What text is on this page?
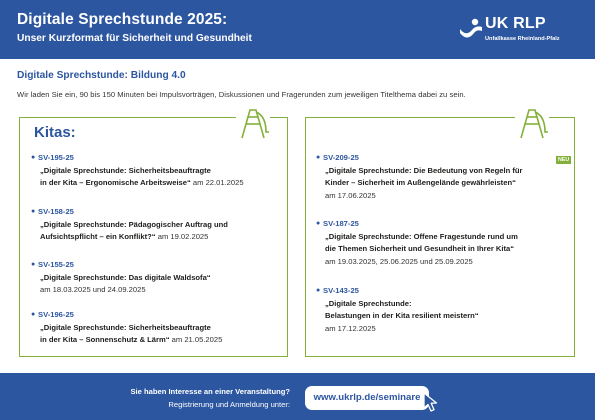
Digitale Sprechstunde 2025:
Unser Kurzformat für Sicherheit und Gesundheit
UK RLP
Unfallkasse Rheinland-Pfalz
Digitale Sprechstunde: Bildung 4.0
Wir laden Sie ein, 90 bis 150 Minuten bei Impulsvorträgen, Diskussionen und Fragerunden zum jeweiligen Titelthema dabei zu sein.
Kitas:
● SV-195-25
„Digitale Sprechstunde: Sicherheitsbeauftragte
in der Kita – Ergonomische Arbeitsweise“ am 22.01.2025
● SV-158-25
„Digitale Sprechstunde: Pädagogischer Auftrag und
Aufsichtspflicht – ein Konflikt?“ am 19.02.2025
● SV-155-25
„Digitale Sprechstunde: Das digitale Waldsofa“
am 18.03.2025 und 24.09.2025
● SV-196-25
„Digitale Sprechstunde: Sicherheitsbeauftragte
in der Kita – Sonnenschutz & Lärm“ am 21.05.2025
NEU
● SV-209-25
„Digitale Sprechstunde: Die Bedeutung von Regeln für
Kinder – Sicherheit im Außengelände gewährleisten“
am 17.06.2025
● SV-187-25
„Digitale Sprechstunde: Offene Fragestunde rund um
die Themen Sicherheit und Gesundheit in Ihrer Kita“
am 19.03.2025, 25.06.2025 und 25.09.2025
● SV-143-25
„Digitale Sprechstunde:
Belastungen in der Kita resilient meistern“
am 17.12.2025
Sie haben Interesse an einer Veranstaltung?
Registrierung und Anmeldung unter:
www.ukrlp.de/seminare
